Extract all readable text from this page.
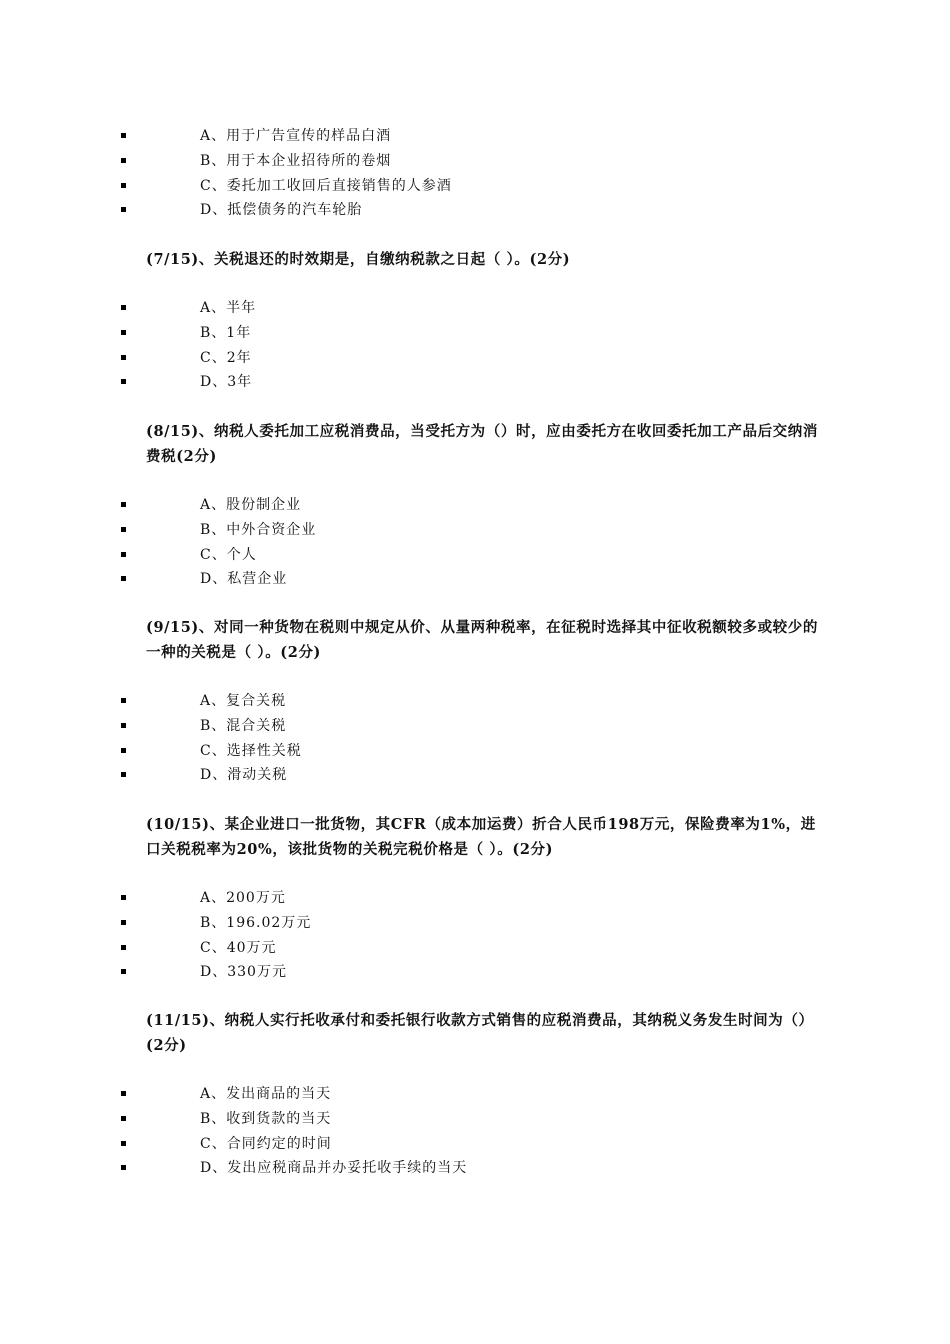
A、用于广告宣传的样品白酒
B、用于本企业招待所的卷烟
C、委托加工收回后直接销售的人参酒
D、抵偿债务的汽车轮胎

(7/15)、关税退还的时效期是，自缴纳税款之日起（ ）。(2分)

A、半年
B、1年
C、2年
D、3年

(8/15)、纳税人委托加工应税消费品，当受托方为（）时，应由委托方在收回委托加工产品后交纳消费税(2分)

A、股份制企业
B、中外合资企业
C、个人
D、私营企业

(9/15)、对同一种货物在税则中规定从价、从量两种税率，在征税时选择其中征收税额较多或较少的一种的关税是（ ）。(2分)

A、复合关税
B、混合关税
C、选择性关税
D、滑动关税

(10/15)、某企业进口一批货物，其CFR（成本加运费）折合人民币198万元，保险费率为1%，进口关税税率为20%，该批货物的关税完税价格是（ ）。(2分)

A、200万元
B、196.02万元
C、40万元
D、330万元

(11/15)、纳税人实行托收承付和委托银行收款方式销售的应税消费品，其纳税义务发生时间为（）(2分)

A、发出商品的当天
B、收到货款的当天
C、合同约定的时间
D、发出应税商品并办妥托收手续的当天
